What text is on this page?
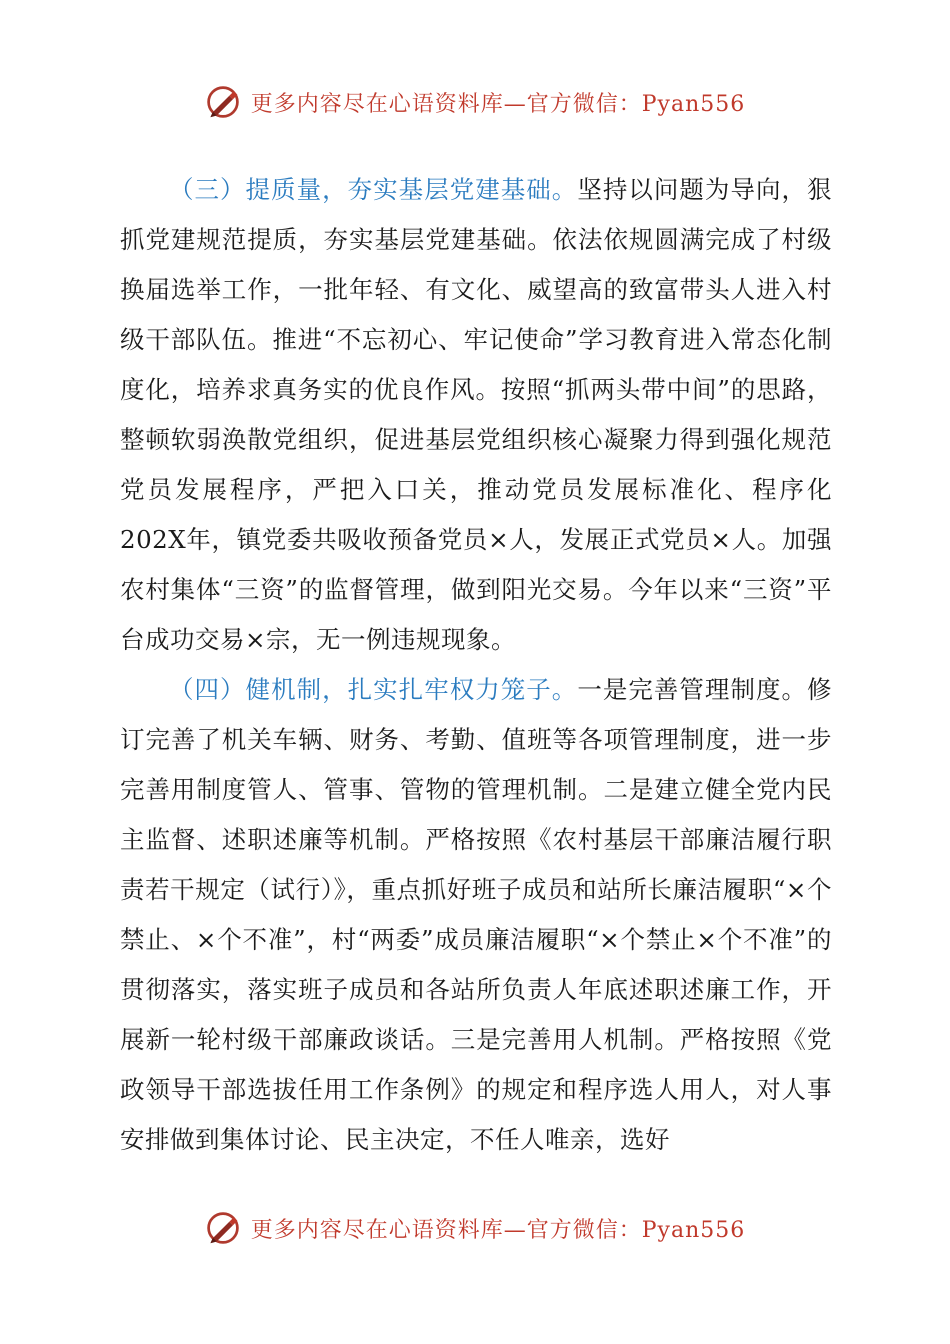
更多内容尽在心语资料库—官方微信：Pyan556

（三）提质量，夯实基层党建基础。坚持以问题为导向，狠抓党建规范提质，夯实基层党建基础。依法依规圆满完成了村级换届选举工作，一批年轻、有文化、威望高的致富带头人进入村级干部队伍。推进“不忘初心、牢记使命”学习教育进入常态化制度化，培养求真务实的优良作风。按照“抓两头带中间”的思路，整顿软弱涣散党组织，促进基层党组织核心凝聚力得到强化规范党员发展程序，严把入口关，推动党员发展标准化、程序化202X年，镇党委共吸收预备党员×人，发展正式党员×人。加强农村集体“三资”的监督管理，做到阳光交易。今年以来“三资”平台成功交易×宗，无一例违规现象。

（四）健机制，扎实扎牢权力笼子。一是完善管理制度。修订完善了机关车辆、财务、考勤、值班等各项管理制度，进一步完善用制度管人、管事、管物的管理机制。二是建立健全党内民主监督、述职述廉等机制。严格按照《农村基层干部廉洁履行职责若干规定（试行）》，重点抓好班子成员和站所长廉洁履职“×个禁止、×个不准”，村“两委”成员廉洁履职“×个禁止×个不准”的贯彻落实，落实班子成员和各站所负责人年底述职述廉工作，开展新一轮村级干部廉政谈话。三是完善用人机制。严格按照《党政领导干部选拔任用工作条例》的规定和程序选人用人，对人事安排做到集体讨论、民主决定，不任人唯亲，选好

更多内容尽在心语资料库—官方微信：Pyan556
